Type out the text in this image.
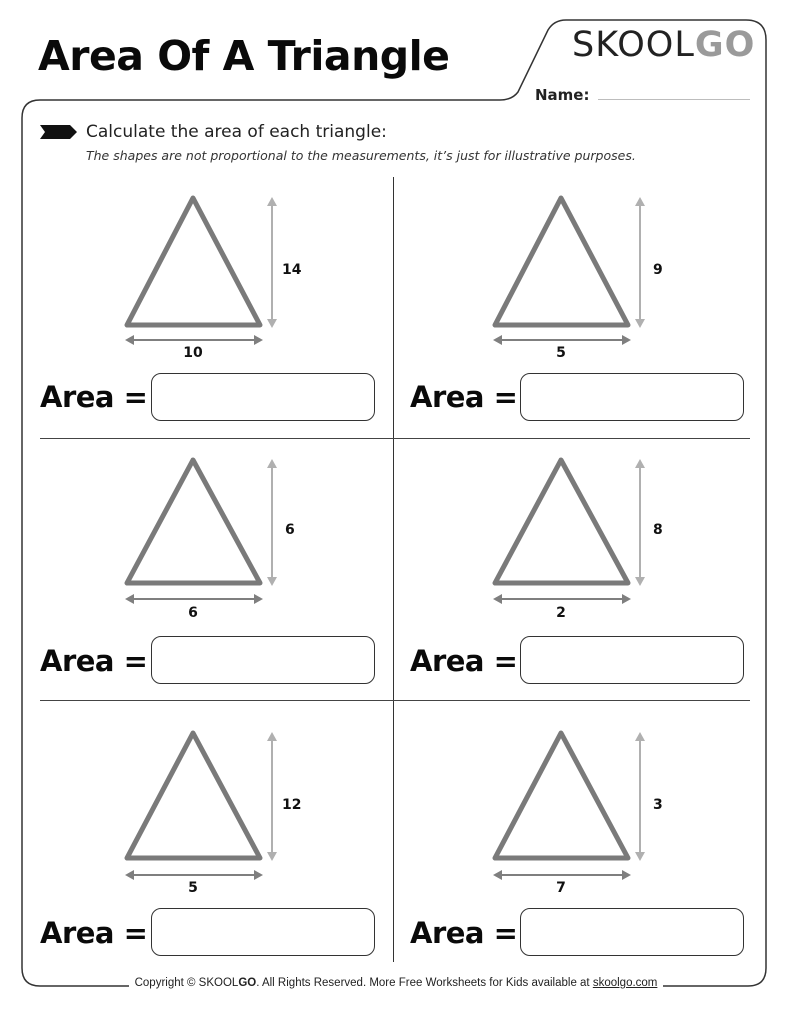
Area Of A Triangle	SKOOLGO
Name:
Calculate the area of each triangle:
The shapes are not proportional to the measurements, it’s just for illustrative purposes.
14
10
Area =
9
5
Area =
6
6
Area =
8
2
Area =
12
5
Area =
3
7
Area =
Copyright © SKOOLGO. All Rights Reserved. More Free Worksheets for Kids available at skoolgo.com
